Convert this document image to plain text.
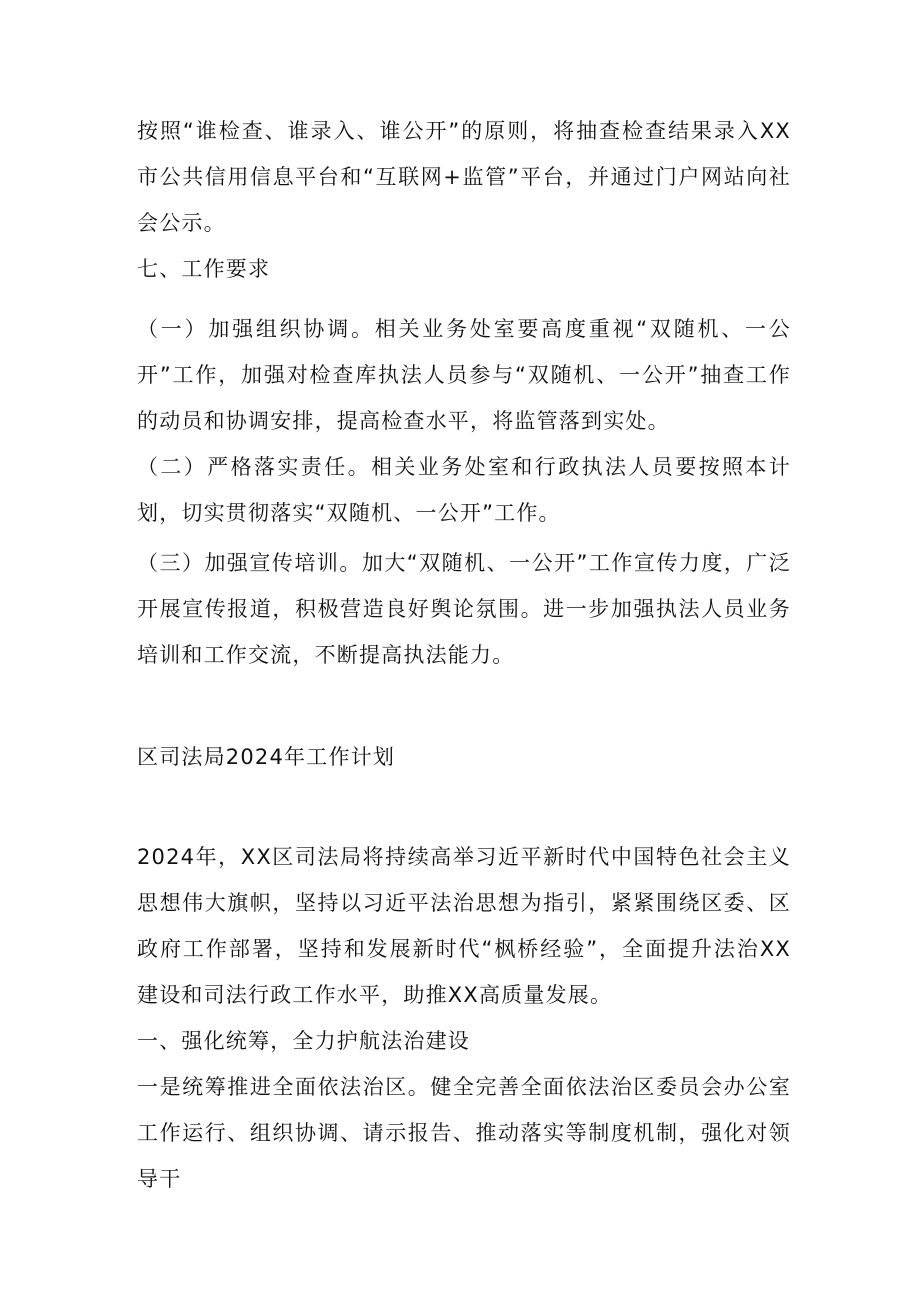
按照“谁检查、谁录入、谁公开”的原则，将抽查检查结果录入XX市公共信用信息平台和“互联网+监管”平台，并通过门户网站向社会公示。

七、工作要求

（一）加强组织协调。相关业务处室要高度重视“双随机、一公开”工作，加强对检查库执法人员参与“双随机、一公开”抽查工作的动员和协调安排，提高检查水平，将监管落到实处。

（二）严格落实责任。相关业务处室和行政执法人员要按照本计划，切实贯彻落实“双随机、一公开”工作。

（三）加强宣传培训。加大“双随机、一公开”工作宣传力度，广泛开展宣传报道，积极营造良好舆论氛围。进一步加强执法人员业务培训和工作交流，不断提高执法能力。

区司法局2024年工作计划

2024年，XX区司法局将持续高举习近平新时代中国特色社会主义思想伟大旗帜，坚持以习近平法治思想为指引，紧紧围绕区委、区政府工作部署，坚持和发展新时代“枫桥经验”，全面提升法治XX建设和司法行政工作水平，助推XX高质量发展。

一、强化统筹，全力护航法治建设

一是统筹推进全面依法治区。健全完善全面依法治区委员会办公室工作运行、组织协调、请示报告、推动落实等制度机制，强化对领导干
